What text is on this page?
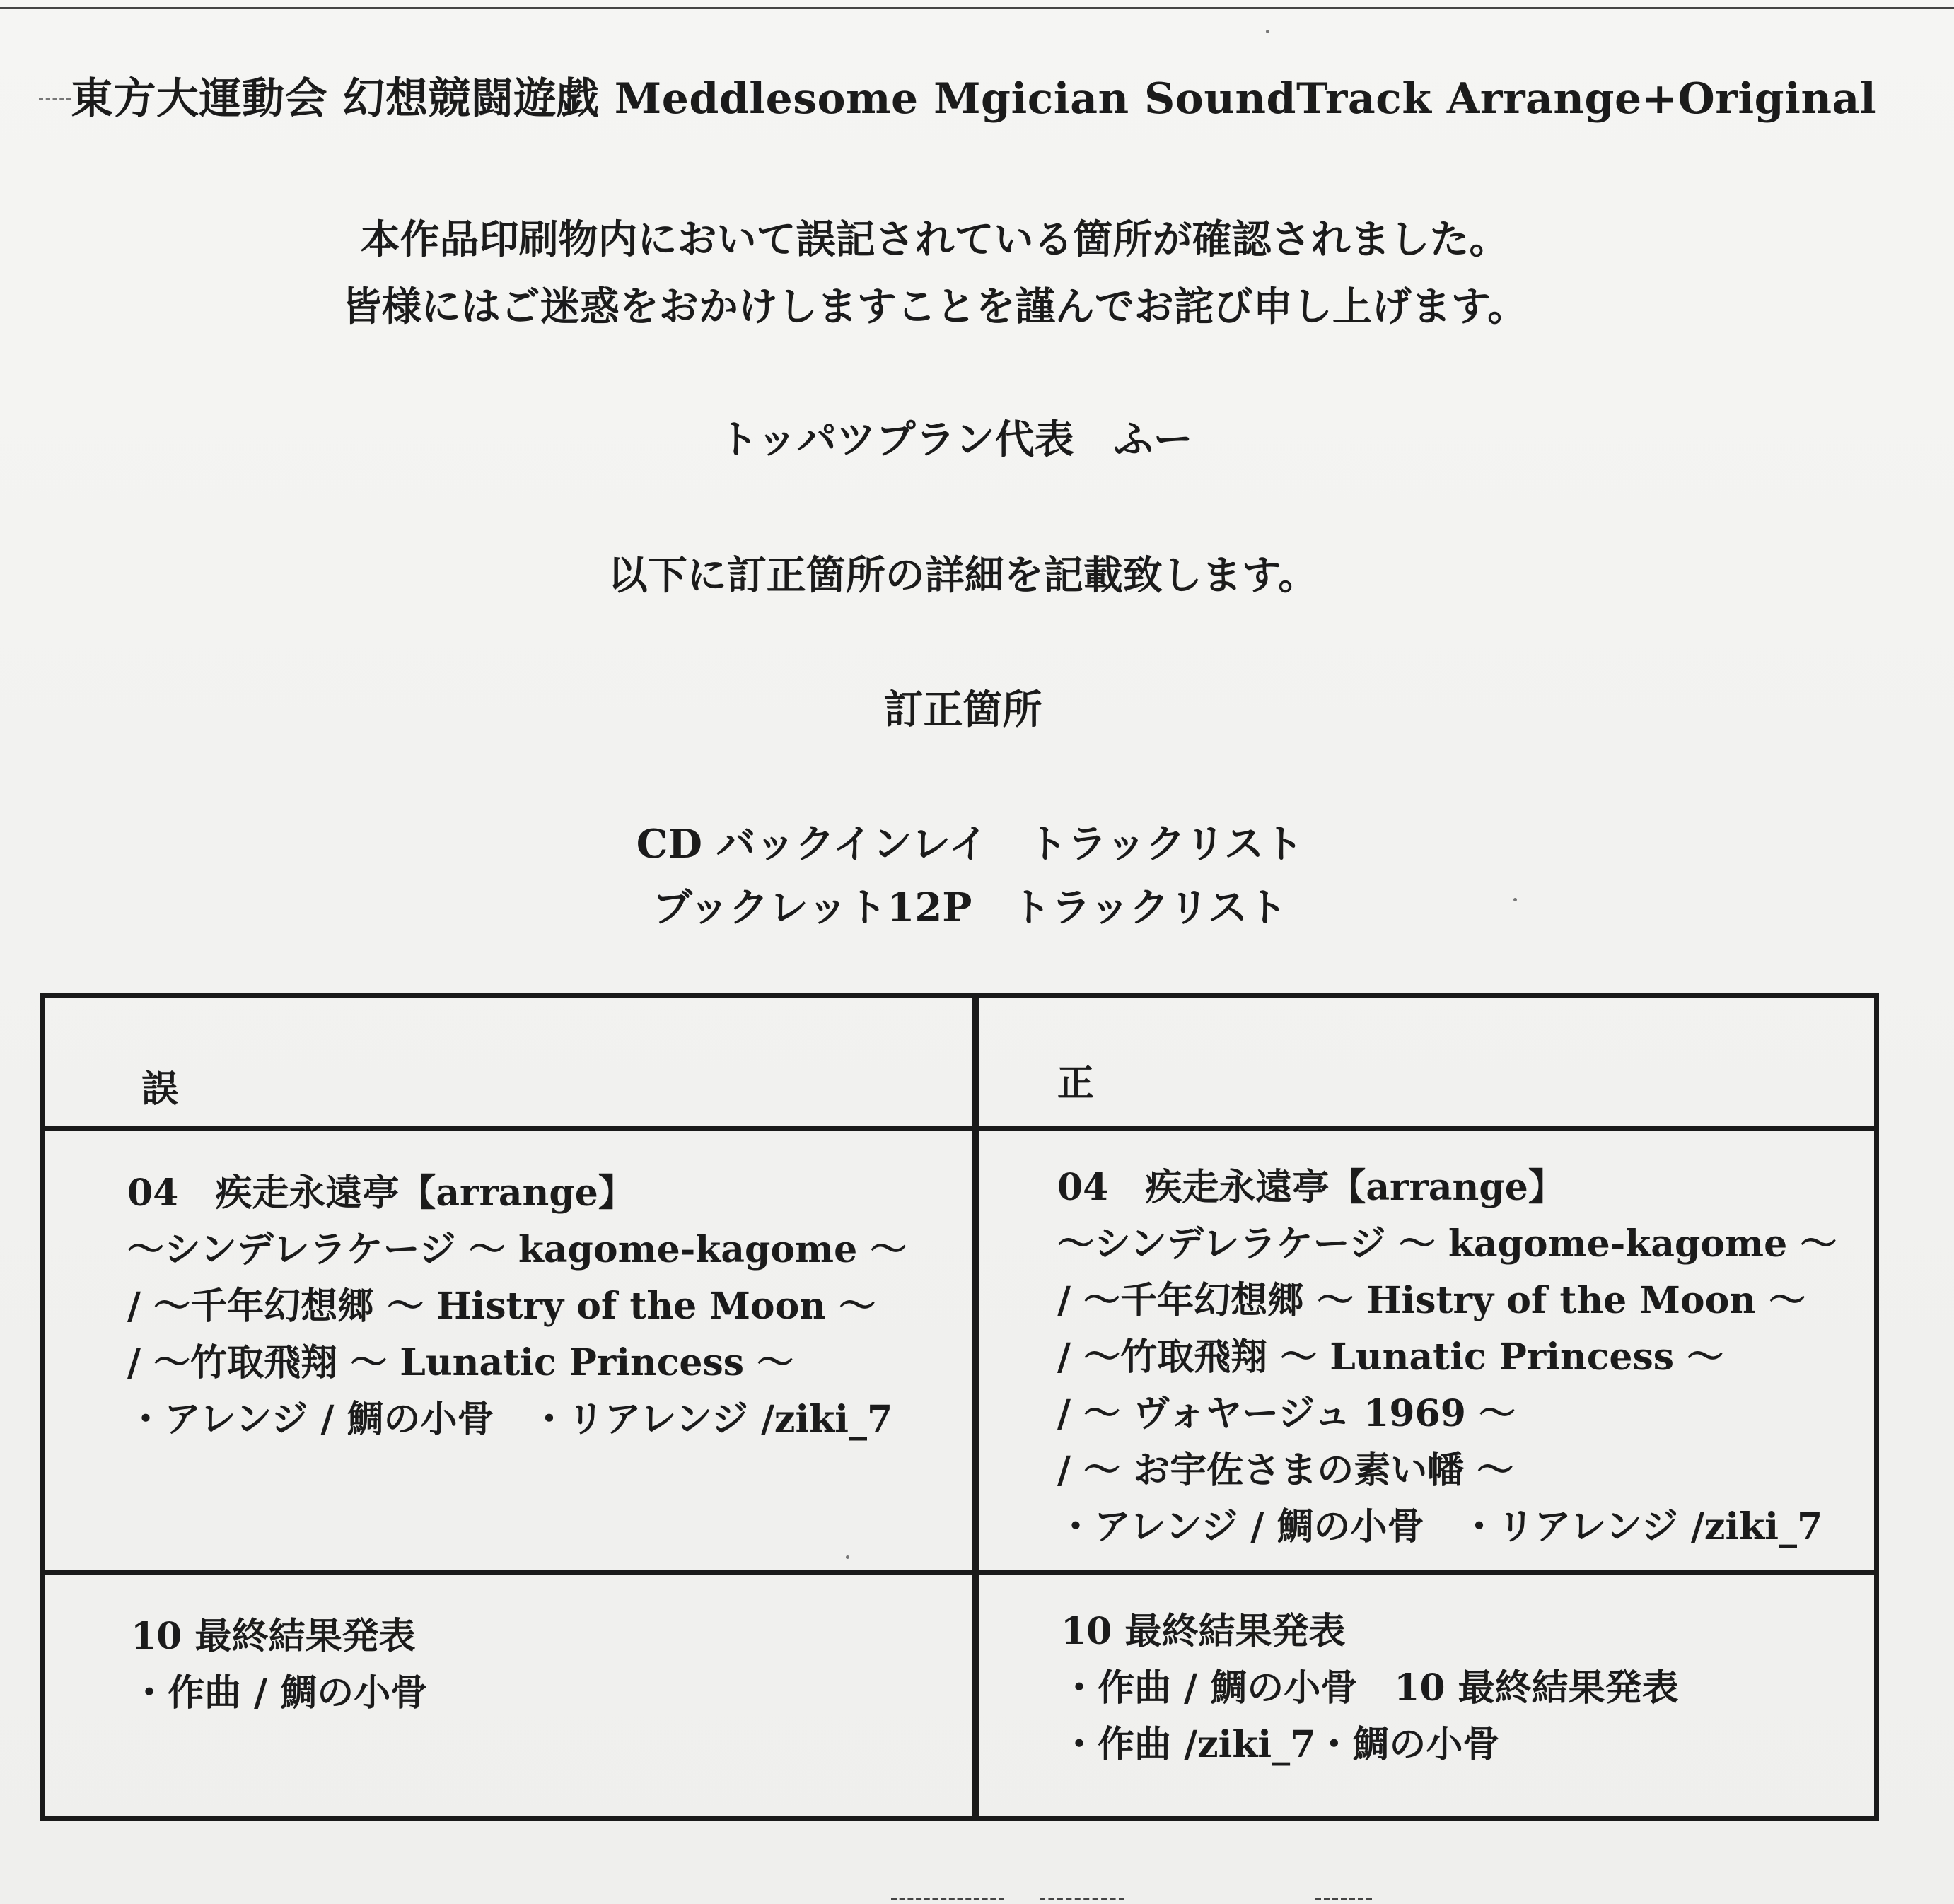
東方大運動会 幻想競闘遊戯 Meddlesome Mgician SoundTrack Arrange+Original
本作品印刷物内において誤記されている箇所が確認されました。
皆様にはご迷惑をおかけしますことを謹んでお詫び申し上げます。
トッパツプラン代表　ふー
以下に訂正箇所の詳細を記載致します。
訂正箇所
CD バックインレイ　トラックリスト
ブックレット12P　トラックリスト
誤	正
04　疾走永遠亭【arrange】
～シンデレラケージ ～ kagome-kagome ～
/ ～千年幻想郷 ～ Histry of the Moon ～
/ ～竹取飛翔 ～ Lunatic Princess ～
・アレンジ / 鯛の小骨　・リアレンジ /ziki_7
04　疾走永遠亭【arrange】
～シンデレラケージ ～ kagome-kagome ～
/ ～千年幻想郷 ～ Histry of the Moon ～
/ ～竹取飛翔 ～ Lunatic Princess ～
/ ～ ヴォヤージュ 1969 ～
/ ～ お宇佐さまの素い幡 ～
・アレンジ / 鯛の小骨　・リアレンジ /ziki_7
10 最終結果発表
・作曲 / 鯛の小骨
10 最終結果発表
・作曲 / 鯛の小骨　10 最終結果発表
・作曲 /ziki_7・鯛の小骨
